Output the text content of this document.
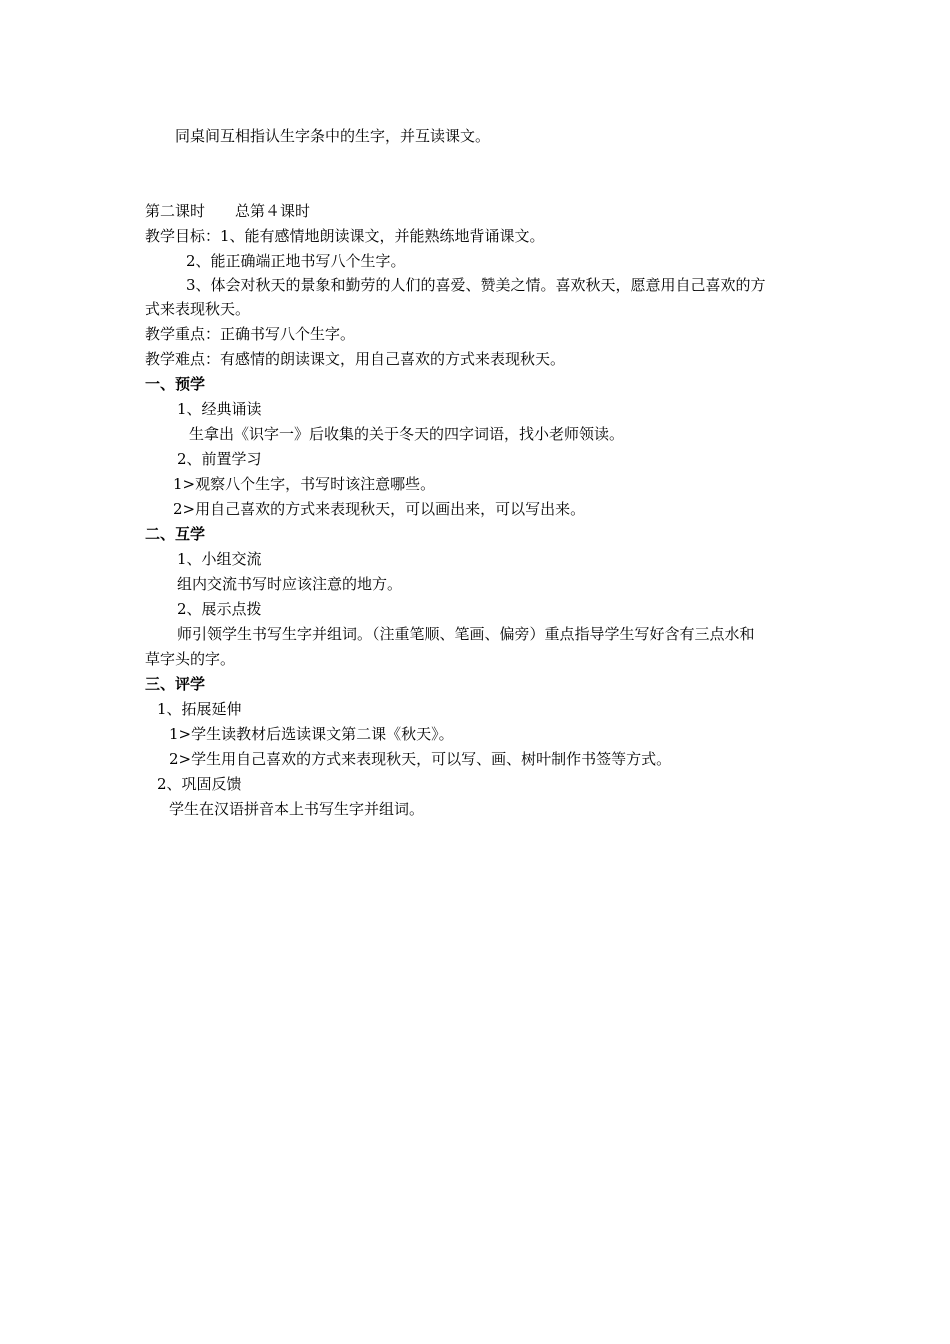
同桌间互相指认生字条中的生字，并互读课文。
第二课时　　总第４课时
教学目标：1、能有感情地朗读课文，并能熟练地背诵课文。
2、能正确端正地书写八个生字。
3、体会对秋天的景象和勤劳的人们的喜爱、赞美之情。喜欢秋天，愿意用自己喜欢的方
式来表现秋天。
教学重点：正确书写八个生字。
教学难点：有感情的朗读课文，用自己喜欢的方式来表现秋天。
一、预学
1、经典诵读
生拿出《识字一》后收集的关于冬天的四字词语，找小老师领读。
2、前置学习
1>观察八个生字，书写时该注意哪些。
2>用自己喜欢的方式来表现秋天，可以画出来，可以写出来。
二、互学
1、小组交流
组内交流书写时应该注意的地方。
2、展示点拨
师引领学生书写生字并组词。（注重笔顺、笔画、偏旁）重点指导学生写好含有三点水和
草字头的字。
三、评学
1、拓展延伸
1>学生读教材后选读课文第二课《秋天》。
2>学生用自己喜欢的方式来表现秋天，可以写、画、树叶制作书签等方式。
2、巩固反馈
学生在汉语拼音本上书写生字并组词。
